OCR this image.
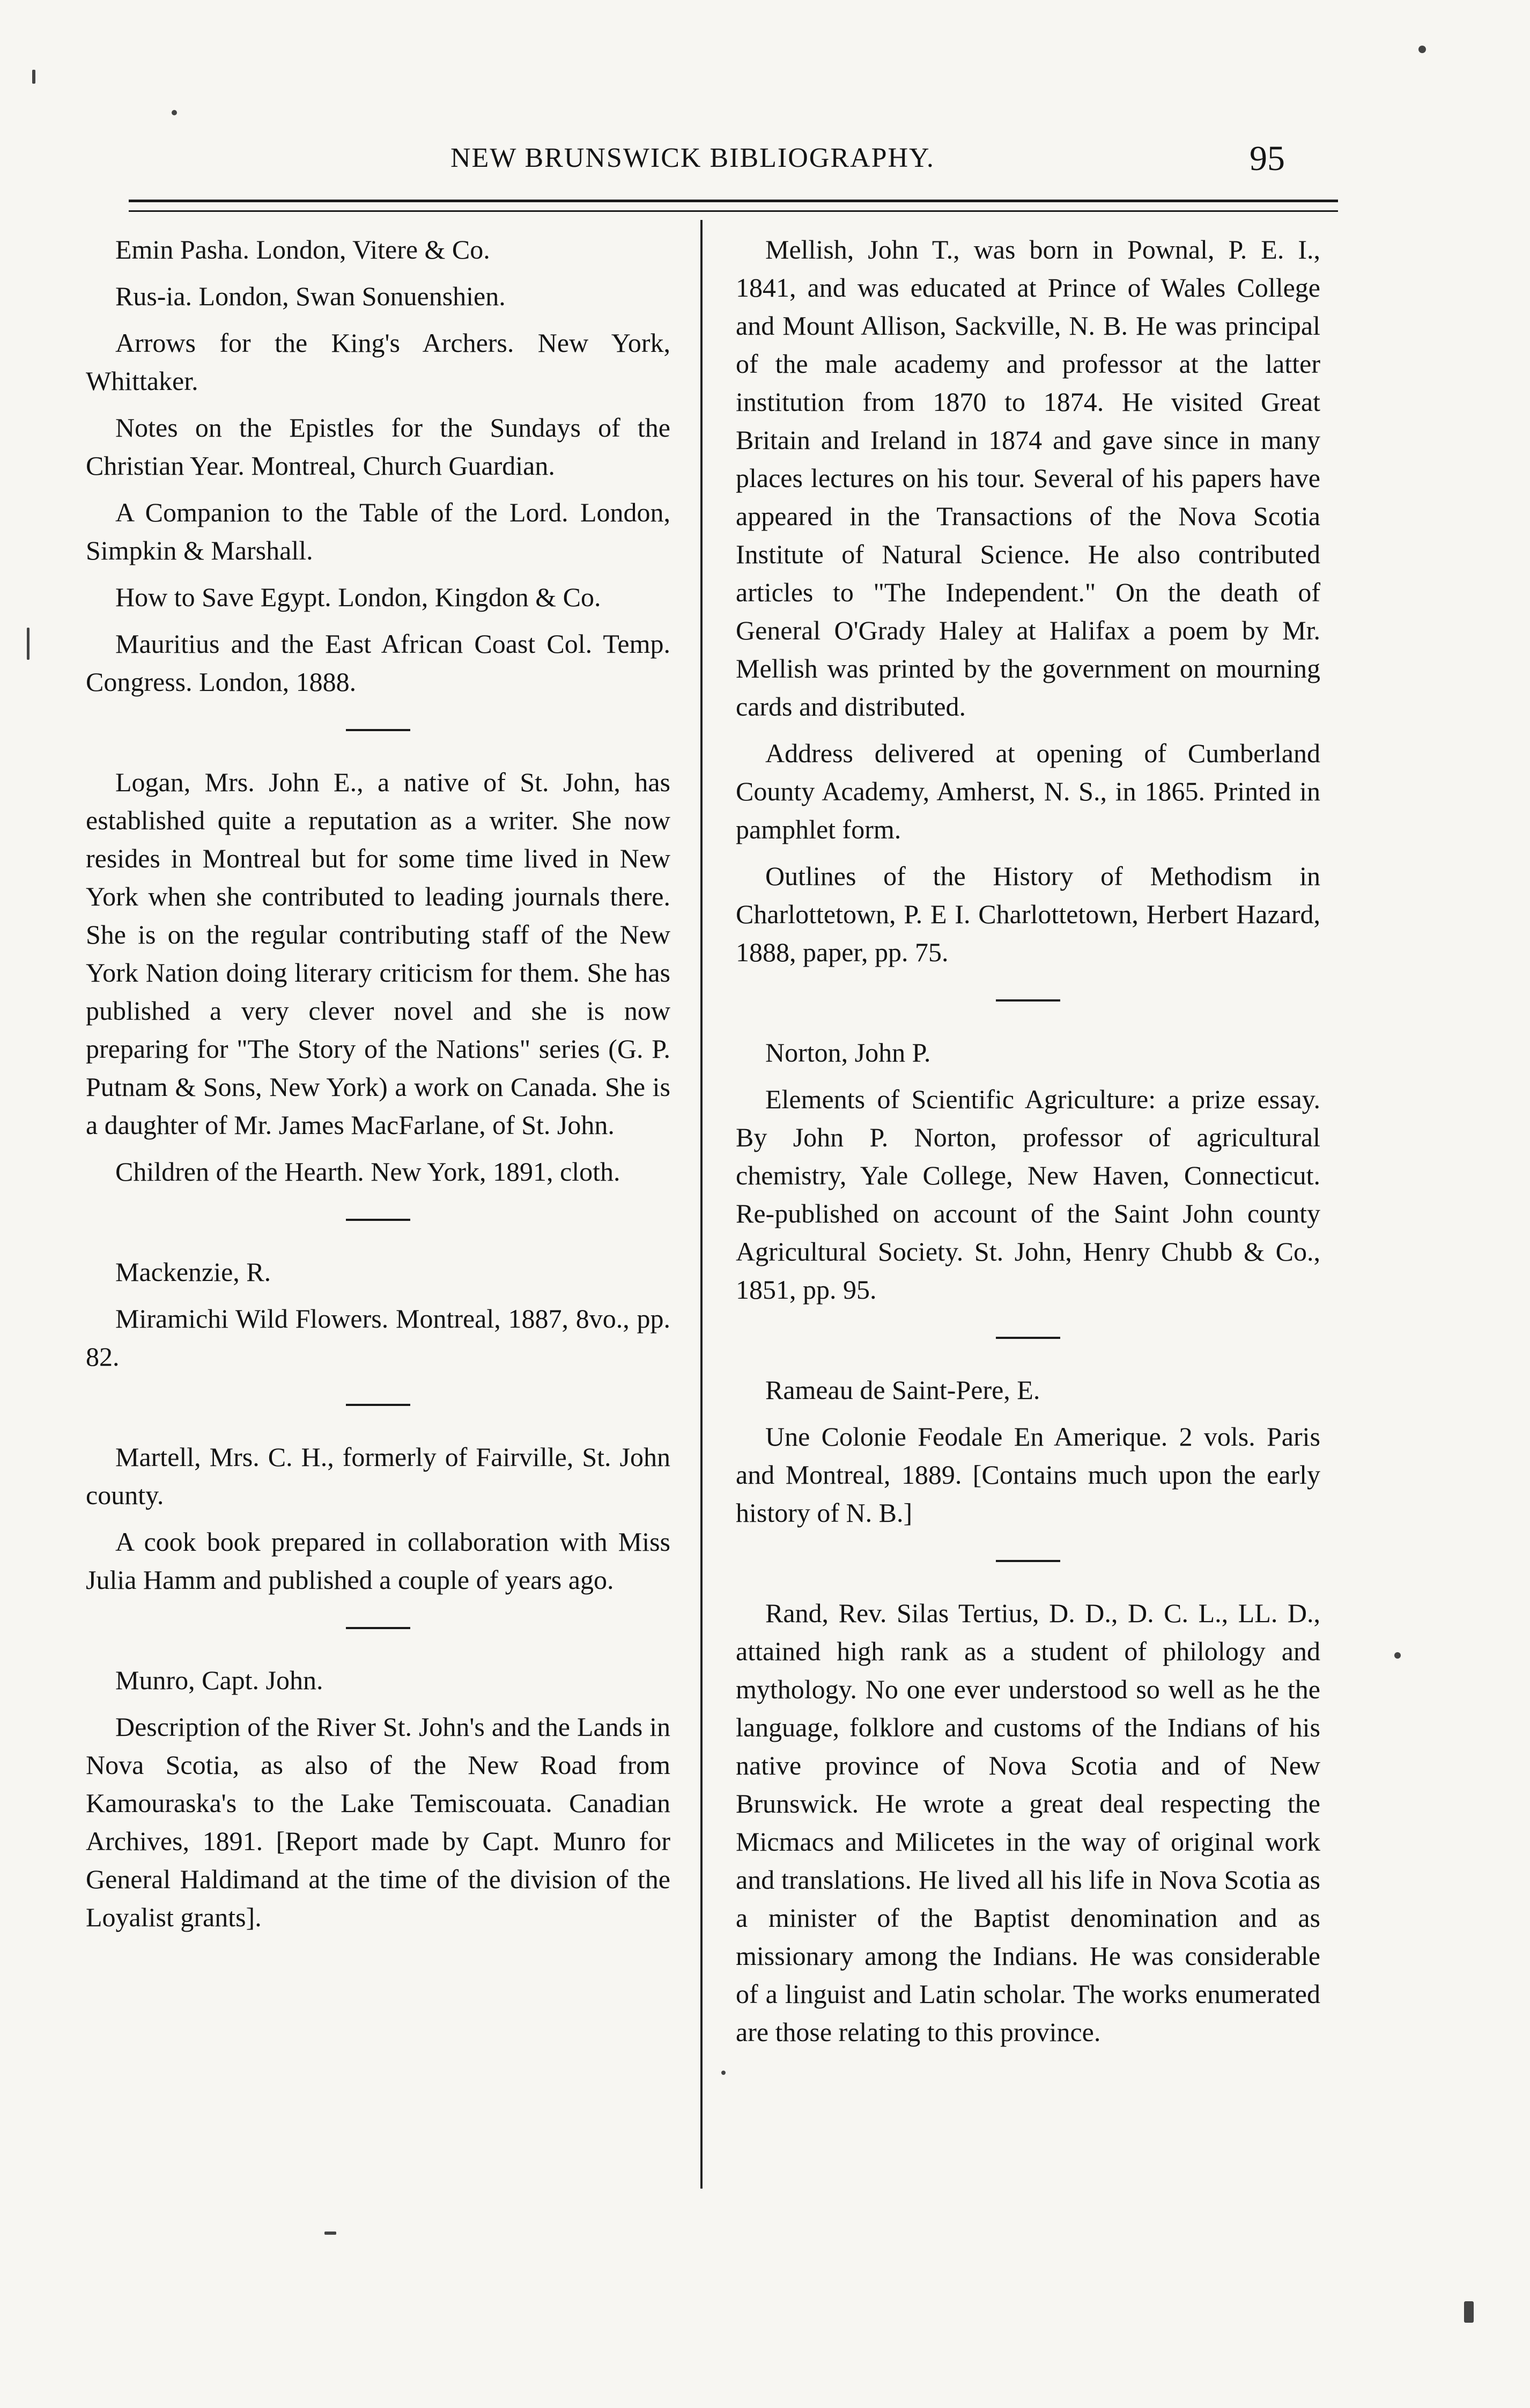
NEW BRUNSWICK BIBLIOGRAPHY.	95

Emin Pasha. London, Vitere & Co.

Rus-ia. London, Swan Sonuenshien.

Arrows for the King's Archers. New York, Whittaker.

Notes on the Epistles for the Sundays of the Christian Year. Montreal, Church Guardian.

A Companion to the Table of the Lord. London, Simpkin & Marshall.

How to Save Egypt. London, Kingdon & Co.

Mauritius and the East African Coast Col. Temp. Congress. London, 1888.

Logan, Mrs. John E., a native of St. John, has established quite a reputation as a writer. She now resides in Montreal but for some time lived in New York when she contributed to leading journals there. She is on the regular contributing staff of the New York Nation doing literary criticism for them. She has published a very clever novel and she is now preparing for "The Story of the Nations" series (G. P. Putnam & Sons, New York) a work on Canada. She is a daughter of Mr. James MacFarlane, of St. John.

Children of the Hearth. New York, 1891, cloth.

Mackenzie, R.

Miramichi Wild Flowers. Montreal, 1887, 8vo., pp. 82.

Martell, Mrs. C. H., formerly of Fairville, St. John county.

A cook book prepared in collaboration with Miss Julia Hamm and published a couple of years ago.

Munro, Capt. John.

Description of the River St. John's and the Lands in Nova Scotia, as also of the New Road from Kamouraska's to the Lake Temiscouata. Canadian Archives, 1891. [Report made by Capt. Munro for General Haldimand at the time of the division of the Loyalist grants].

Mellish, John T., was born in Pownal, P. E. I., 1841, and was educated at Prince of Wales College and Mount Allison, Sackville, N. B. He was principal of the male academy and professor at the latter institution from 1870 to 1874. He visited Great Britain and Ireland in 1874 and gave since in many places lectures on his tour. Several of his papers have appeared in the Transactions of the Nova Scotia Institute of Natural Science. He also contributed articles to "The Independent." On the death of General O'Grady Haley at Halifax a poem by Mr. Mellish was printed by the government on mourning cards and distributed.

Address delivered at opening of Cumberland County Academy, Amherst, N. S., in 1865. Printed in pamphlet form.

Outlines of the History of Methodism in Charlottetown, P. E I. Charlottetown, Herbert Hazard, 1888, paper, pp. 75.

Norton, John P.

Elements of Scientific Agriculture: a prize essay. By John P. Norton, professor of agricultural chemistry, Yale College, New Haven, Connecticut. Re-published on account of the Saint John county Agricultural Society. St. John, Henry Chubb & Co., 1851, pp. 95.

Rameau de Saint-Pere, E.

Une Colonie Feodale En Amerique. 2 vols. Paris and Montreal, 1889. [Contains much upon the early history of N. B.]

Rand, Rev. Silas Tertius, D. D., D. C. L., LL. D., attained high rank as a student of philology and mythology. No one ever understood so well as he the language, folklore and customs of the Indians of his native province of Nova Scotia and of New Brunswick. He wrote a great deal respecting the Micmacs and Milicetes in the way of original work and translations. He lived all his life in Nova Scotia as a minister of the Baptist denomination and as missionary among the Indians. He was considerable of a linguist and Latin scholar. The works enumerated are those relating to this province.
